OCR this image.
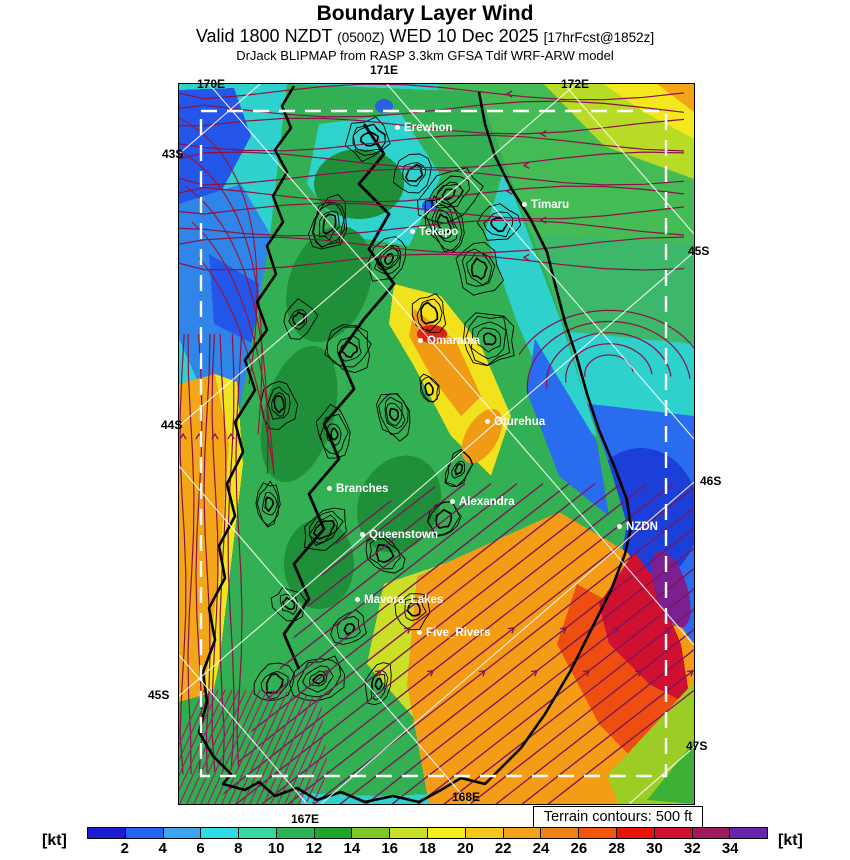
Boundary Layer Wind
Valid 1800 NZDT (0500Z) WED 10 Dec 2025 [17hrFcst@1852z]
DrJack BLIPMAP from RASP 3.3km GFSA Tdif WRF-ARW model
171E
170E	172E
43S
44S
45S
45S
46S
47S
167E
168E
Erewhon
Timaru
Tekapo
Omarama
Oturehua
Branches
Alexandra
Queenstown
Mavora_Lakes
Five_Rivers
NZDN
Terrain contours: 500 ft
[kt]	[kt]
2	4	6	8	10	12	14	16	18	20	22	24	26	28	30	32	34
